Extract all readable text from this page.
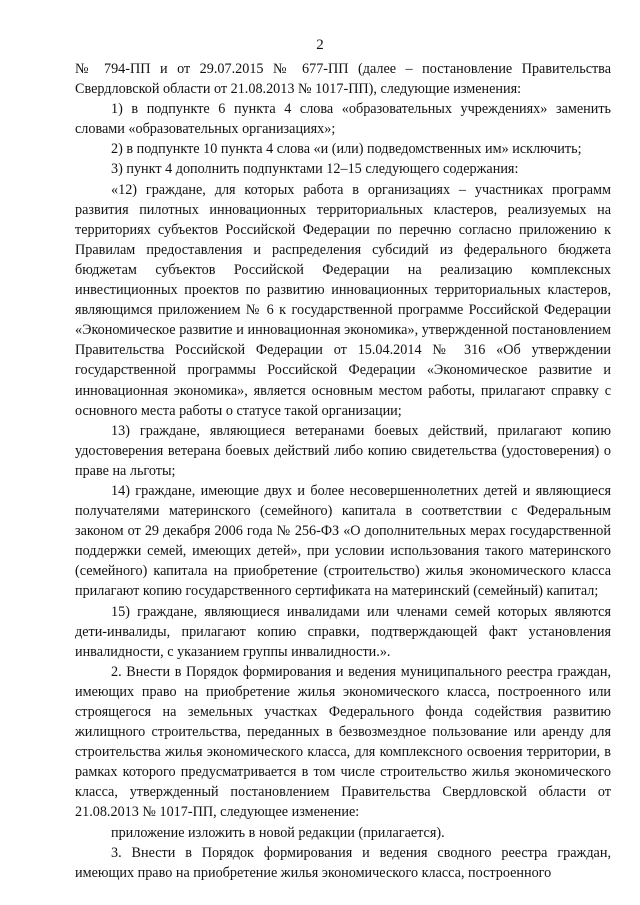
2

№ 794-ПП и от 29.07.2015 № 677-ПП (далее – постановление Правительства Свердловской области от 21.08.2013 № 1017-ПП), следующие изменения:

1) в подпункте 6 пункта 4 слова «образовательных учреждениях» заменить словами «образовательных организациях»;

2) в подпункте 10 пункта 4 слова «и (или) подведомственных им» исключить;

3) пункт 4 дополнить подпунктами 12–15 следующего содержания:

«12) граждане, для которых работа в организациях – участниках программ развития пилотных инновационных территориальных кластеров, реализуемых на территориях субъектов Российской Федерации по перечню согласно приложению к Правилам предоставления и распределения субсидий из федерального бюджета бюджетам субъектов Российской Федерации на реализацию комплексных инвестиционных проектов по развитию инновационных территориальных кластеров, являющимся приложением № 6 к государственной программе Российской Федерации «Экономическое развитие и инновационная экономика», утвержденной постановлением Правительства Российской Федерации от 15.04.2014 № 316 «Об утверждении государственной программы Российской Федерации «Экономическое развитие и инновационная экономика», является основным местом работы, прилагают справку с основного места работы о статусе такой организации;

13) граждане, являющиеся ветеранами боевых действий, прилагают копию удостоверения ветерана боевых действий либо копию свидетельства (удостоверения) о праве на льготы;

14) граждане, имеющие двух и более несовершеннолетних детей и являющиеся получателями материнского (семейного) капитала в соответствии с Федеральным законом от 29 декабря 2006 года № 256-ФЗ «О дополнительных мерах государственной поддержки семей, имеющих детей», при условии использования такого материнского (семейного) капитала на приобретение (строительство) жилья экономического класса прилагают копию государственного сертификата на материнский (семейный) капитал;

15) граждане, являющиеся инвалидами или членами семей которых являются дети-инвалиды, прилагают копию справки, подтверждающей факт установления инвалидности, с указанием группы инвалидности.».

2. Внести в Порядок формирования и ведения муниципального реестра граждан, имеющих право на приобретение жилья экономического класса, построенного или строящегося на земельных участках Федерального фонда содействия развитию жилищного строительства, переданных в безвозмездное пользование или аренду для строительства жилья экономического класса, для комплексного освоения территории, в рамках которого предусматривается в том числе строительство жилья экономического класса, утвержденный постановлением Правительства Свердловской области от 21.08.2013 № 1017-ПП, следующее изменение:

приложение изложить в новой редакции (прилагается).

3. Внести в Порядок формирования и ведения сводного реестра граждан, имеющих право на приобретение жилья экономического класса, построенного
